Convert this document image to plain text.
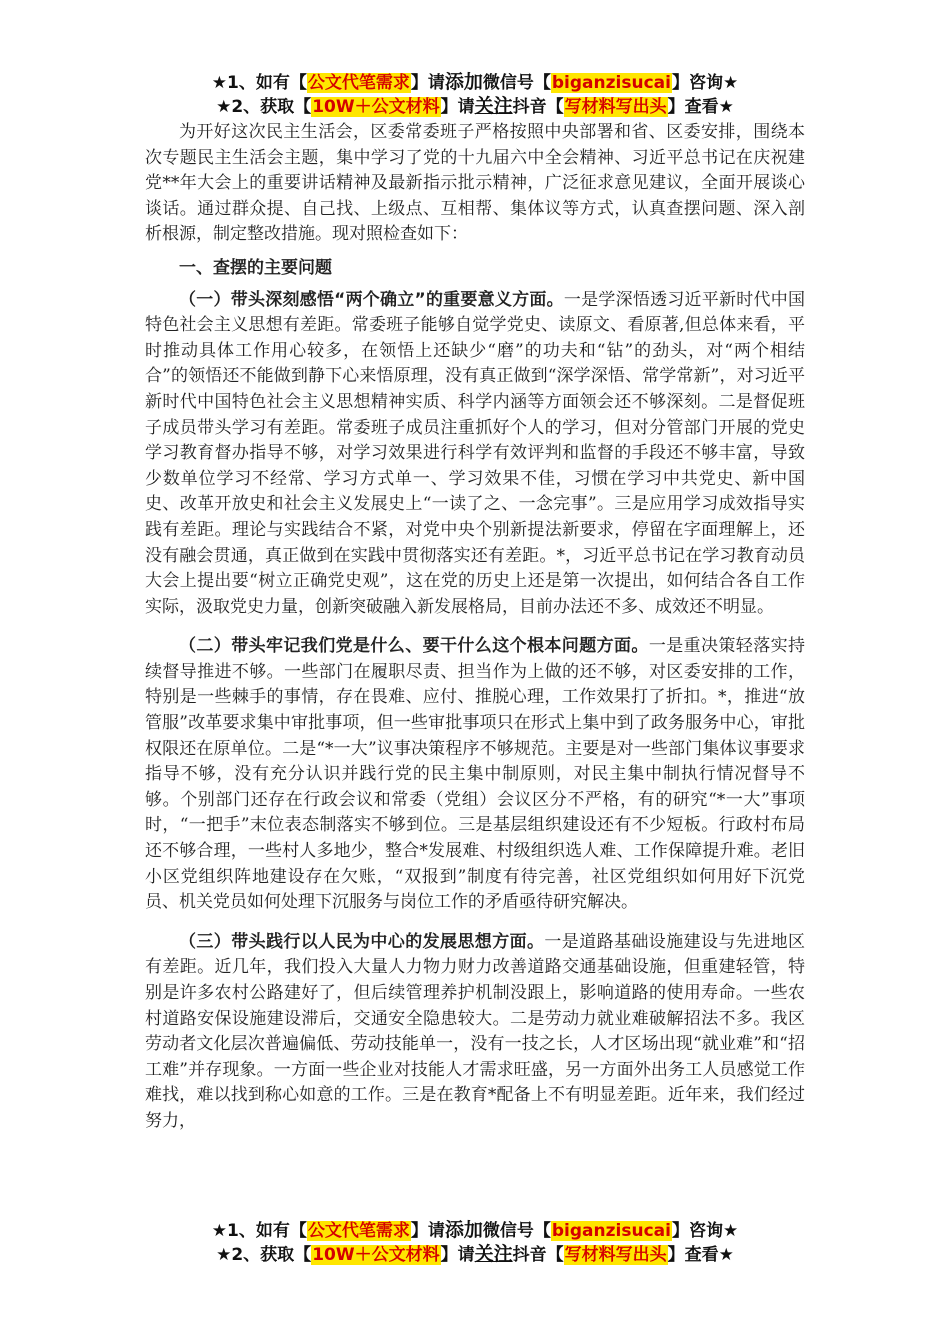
★1、如有【公文代笔需求】请添加微信号【biganzisucai】咨询★
★2、获取【10W＋公文材料】请关注抖音【写材料写出头】查看★

为开好这次民主生活会，区委常委班子严格按照中央部署和省、区委安排，围绕本次专题民主生活会主题，集中学习了党的十九届六中全会精神、习近平总书记在庆祝建党**年大会上的重要讲话精神及最新指示批示精神，广泛征求意见建议，全面开展谈心谈话。通过群众提、自己找、上级点、互相帮、集体议等方式，认真查摆问题、深入剖析根源，制定整改措施。现对照检查如下：

一、查摆的主要问题

（一）带头深刻感悟“两个确立”的重要意义方面。一是学深悟透习近平新时代中国特色社会主义思想有差距。常委班子能够自觉学党史、读原文、看原著,但总体来看，平时推动具体工作用心较多，在领悟上还缺少“磨”的功夫和“钻”的劲头，对“两个相结合”的领悟还不能做到静下心来悟原理，没有真正做到“深学深悟、常学常新”，对习近平新时代中国特色社会主义思想精神实质、科学内涵等方面领会还不够深刻。二是督促班子成员带头学习有差距。常委班子成员注重抓好个人的学习，但对分管部门开展的党史学习教育督办指导不够，对学习效果进行科学有效评判和监督的手段还不够丰富，导致少数单位学习不经常、学习方式单一、学习效果不佳，习惯在学习中共党史、新中国史、改革开放史和社会主义发展史上“一读了之、一念完事”。三是应用学习成效指导实践有差距。理论与实践结合不紧，对党中央个别新提法新要求，停留在字面理解上，还没有融会贯通，真正做到在实践中贯彻落实还有差距。*，习近平总书记在学习教育动员大会上提出要“树立正确党史观”，这在党的历史上还是第一次提出，如何结合各自工作实际，汲取党史力量，创新突破融入新发展格局，目前办法还不多、成效还不明显。

（二）带头牢记我们党是什么、要干什么这个根本问题方面。一是重决策轻落实持续督导推进不够。一些部门在履职尽责、担当作为上做的还不够，对区委安排的工作，特别是一些棘手的事情，存在畏难、应付、推脱心理，工作效果打了折扣。*，推进“放管服”改革要求集中审批事项，但一些审批事项只在形式上集中到了政务服务中心，审批权限还在原单位。二是“*一大”议事决策程序不够规范。主要是对一些部门集体议事要求指导不够，没有充分认识并践行党的民主集中制原则，对民主集中制执行情况督导不够。个别部门还存在行政会议和常委（党组）会议区分不严格，有的研究“*一大”事项时，“一把手”末位表态制落实不够到位。三是基层组织建设还有不少短板。行政村布局还不够合理，一些村人多地少，整合*发展难、村级组织选人难、工作保障提升难。老旧小区党组织阵地建设存在欠账，“双报到”制度有待完善，社区党组织如何用好下沉党员、机关党员如何处理下沉服务与岗位工作的矛盾亟待研究解决。

（三）带头践行以人民为中心的发展思想方面。一是道路基础设施建设与先进地区有差距。近几年，我们投入大量人力物力财力改善道路交通基础设施，但重建轻管，特别是许多农村公路建好了，但后续管理养护机制没跟上，影响道路的使用寿命。一些农村道路安保设施建设滞后，交通安全隐患较大。二是劳动力就业难破解招法不多。我区劳动者文化层次普遍偏低、劳动技能单一，没有一技之长，人才区场出现“就业难”和“招工难”并存现象。一方面一些企业对技能人才需求旺盛，另一方面外出务工人员感觉工作难找，难以找到称心如意的工作。三是在教育*配备上不有明显差距。近年来，我们经过努力，

★1、如有【公文代笔需求】请添加微信号【biganzisucai】咨询★
★2、获取【10W＋公文材料】请关注抖音【写材料写出头】查看★
